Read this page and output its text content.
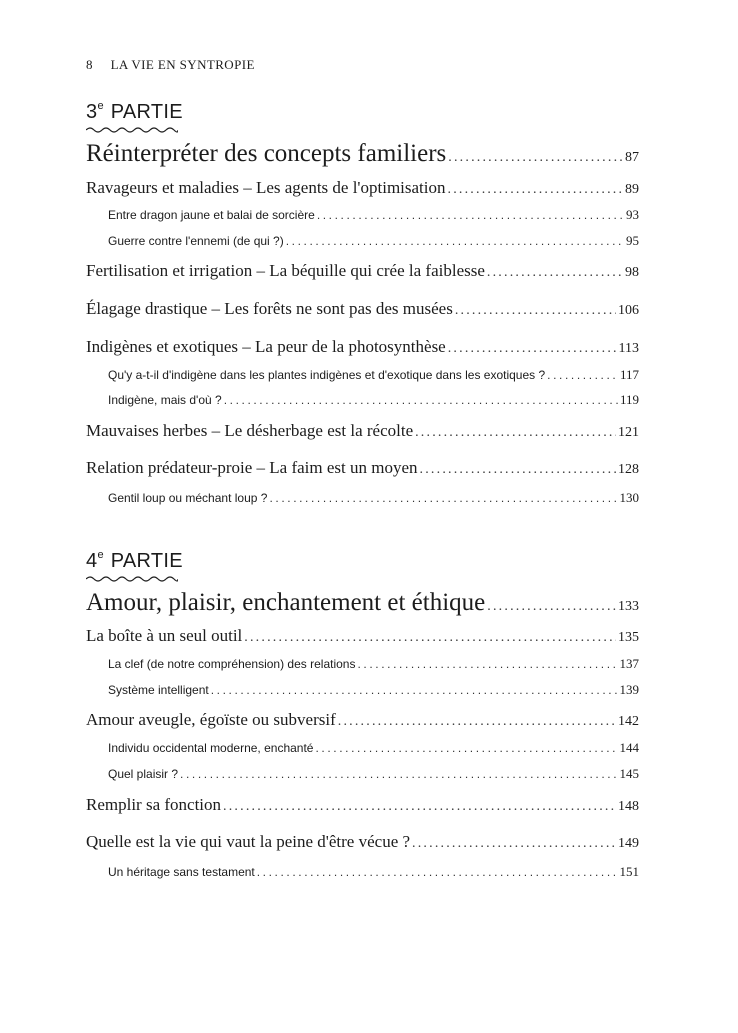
8 LA VIE EN SYNTROPIE
3e PARTIE
Réinterpréter des concepts familiers .....	87
Ravageurs et maladies – Les agents de l'optimisation .....	89
Entre dragon jaune et balai de sorcière .....	93
Guerre contre l'ennemi (de qui ?) .....	95
Fertilisation et irrigation – La béquille qui crée la faiblesse .....	98
Élagage drastique – Les forêts ne sont pas des musées .....	106
Indigènes et exotiques – La peur de la photosynthèse .....	113
Qu'y a-t-il d'indigène dans les plantes indigènes et d'exotique dans les exotiques ? .....	117
Indigène, mais d'où ? .....	119
Mauvaises herbes – Le désherbage est la récolte .....	121
Relation prédateur-proie – La faim est un moyen .....	128
Gentil loup ou méchant loup ? .....	130
4e PARTIE
Amour, plaisir, enchantement et éthique .....	133
La boîte à un seul outil .....	135
La clef (de notre compréhension) des relations .....	137
Système intelligent .....	139
Amour aveugle, égoïste ou subversif .....	142
Individu occidental moderne, enchanté .....	144
Quel plaisir ? .....	145
Remplir sa fonction .....	148
Quelle est la vie qui vaut la peine d'être vécue ? .....	149
Un héritage sans testament .....	151
